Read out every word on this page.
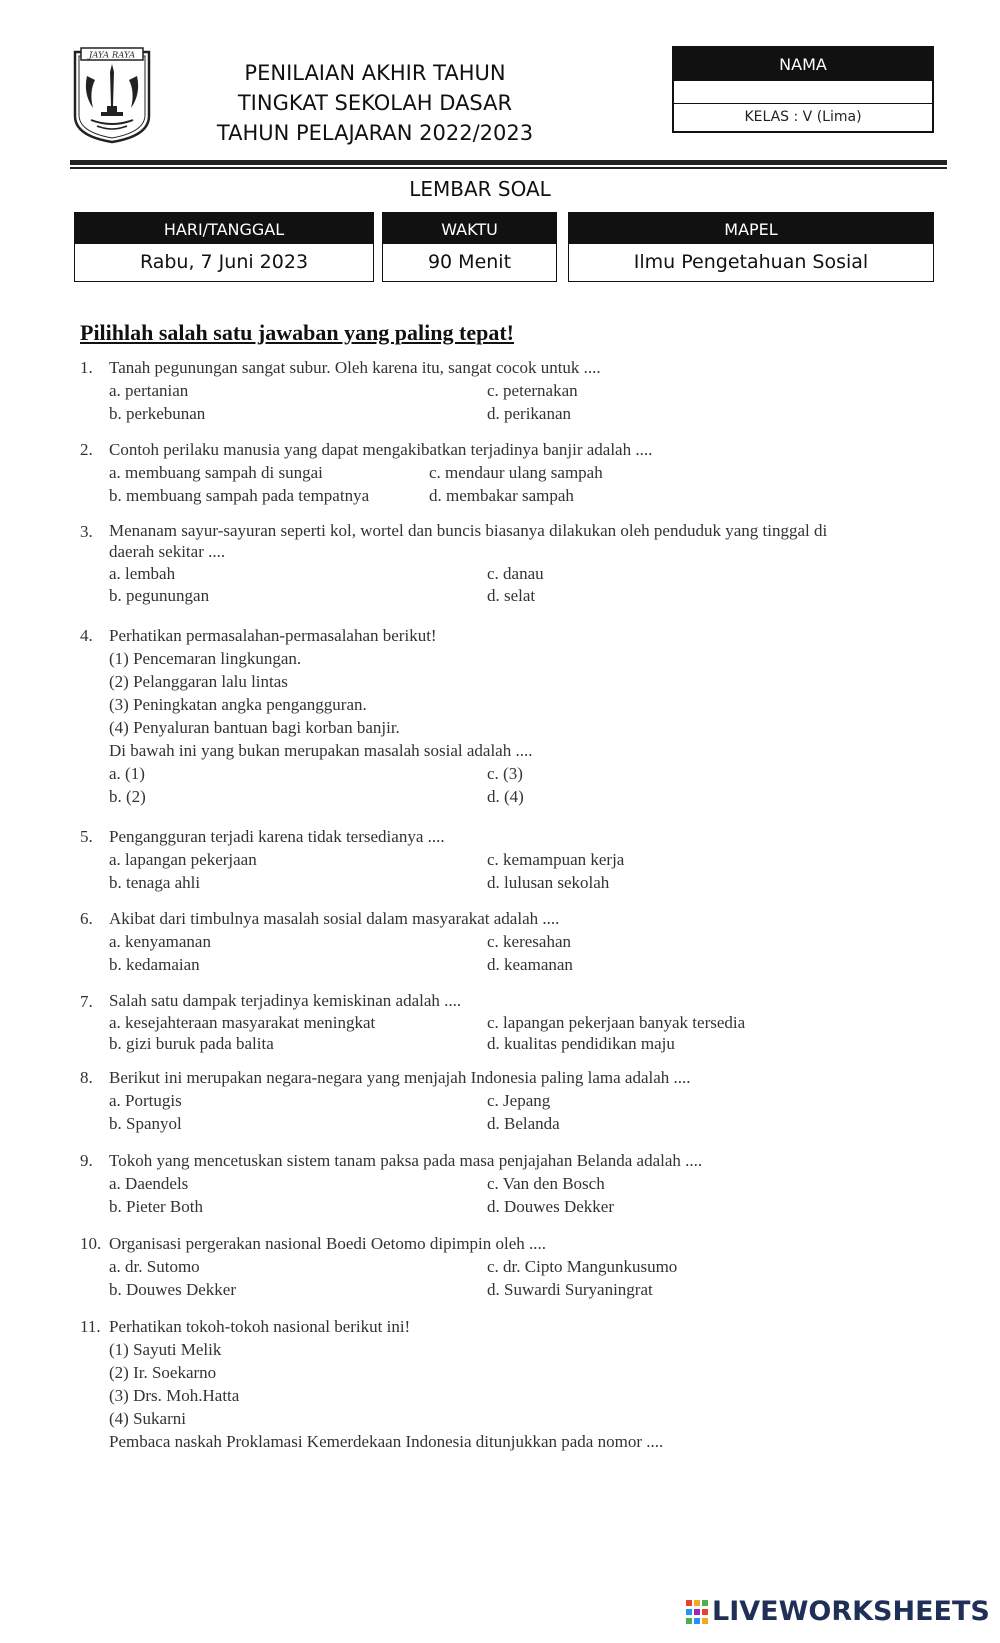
JAYA RAYA
PENILAIAN AKHIR TAHUN
TINGKAT SEKOLAH DASAR
TAHUN PELAJARAN 2022/2023
NAMA
KELAS : V (Lima)
LEMBAR SOAL
HARI/TANGGAL
Rabu, 7 Juni 2023
WAKTU
90 Menit
MAPEL
Ilmu Pengetahuan Sosial
Pilihlah salah satu jawaban yang paling tepat!
1. Tanah pegunungan sangat subur. Oleh karena itu, sangat cocok untuk ....
a. pertanian
b. perkebunan
c. peternakan
d. perikanan
2. Contoh perilaku manusia yang dapat mengakibatkan terjadinya banjir adalah ....
a. membuang sampah di sungai
b. membuang sampah pada tempatnya
c. mendaur ulang sampah
d. membakar sampah
3. Menanam sayur-sayuran seperti kol, wortel dan buncis biasanya dilakukan oleh penduduk yang tinggal di daerah sekitar ....
a. lembah
b. pegunungan
c. danau
d. selat
4. Perhatikan permasalahan-permasalahan berikut!
(1) Pencemaran lingkungan.
(2) Pelanggaran lalu lintas
(3) Peningkatan angka pengangguran.
(4) Penyaluran bantuan bagi korban banjir.
Di bawah ini yang bukan merupakan masalah sosial adalah ....
a. (1)
b. (2)
c. (3)
d. (4)
5. Pengangguran terjadi karena tidak tersedianya ....
a. lapangan pekerjaan
b. tenaga ahli
c. kemampuan kerja
d. lulusan sekolah
6. Akibat dari timbulnya masalah sosial dalam masyarakat adalah ....
a. kenyamanan
b. kedamaian
c. keresahan
d. keamanan
7. Salah satu dampak terjadinya kemiskinan adalah ....
a. kesejahteraan masyarakat meningkat
b. gizi buruk pada balita
c. lapangan pekerjaan banyak tersedia
d. kualitas pendidikan maju
8. Berikut ini merupakan negara-negara yang menjajah Indonesia paling lama adalah ....
a. Portugis
b. Spanyol
c. Jepang
d. Belanda
9. Tokoh yang mencetuskan sistem tanam paksa pada masa penjajahan Belanda adalah ....
a. Daendels
b. Pieter Both
c. Van den Bosch
d. Douwes Dekker
10. Organisasi pergerakan nasional Boedi Oetomo dipimpin oleh ....
a. dr. Sutomo
b. Douwes Dekker
c. dr. Cipto Mangunkusumo
d. Suwardi Suryaningrat
11. Perhatikan tokoh-tokoh nasional berikut ini!
(1) Sayuti Melik
(2) Ir. Soekarno
(3) Drs. Moh.Hatta
(4) Sukarni
Pembaca naskah Proklamasi Kemerdekaan Indonesia ditunjukkan pada nomor ....
LIVEWORKSHEETS
